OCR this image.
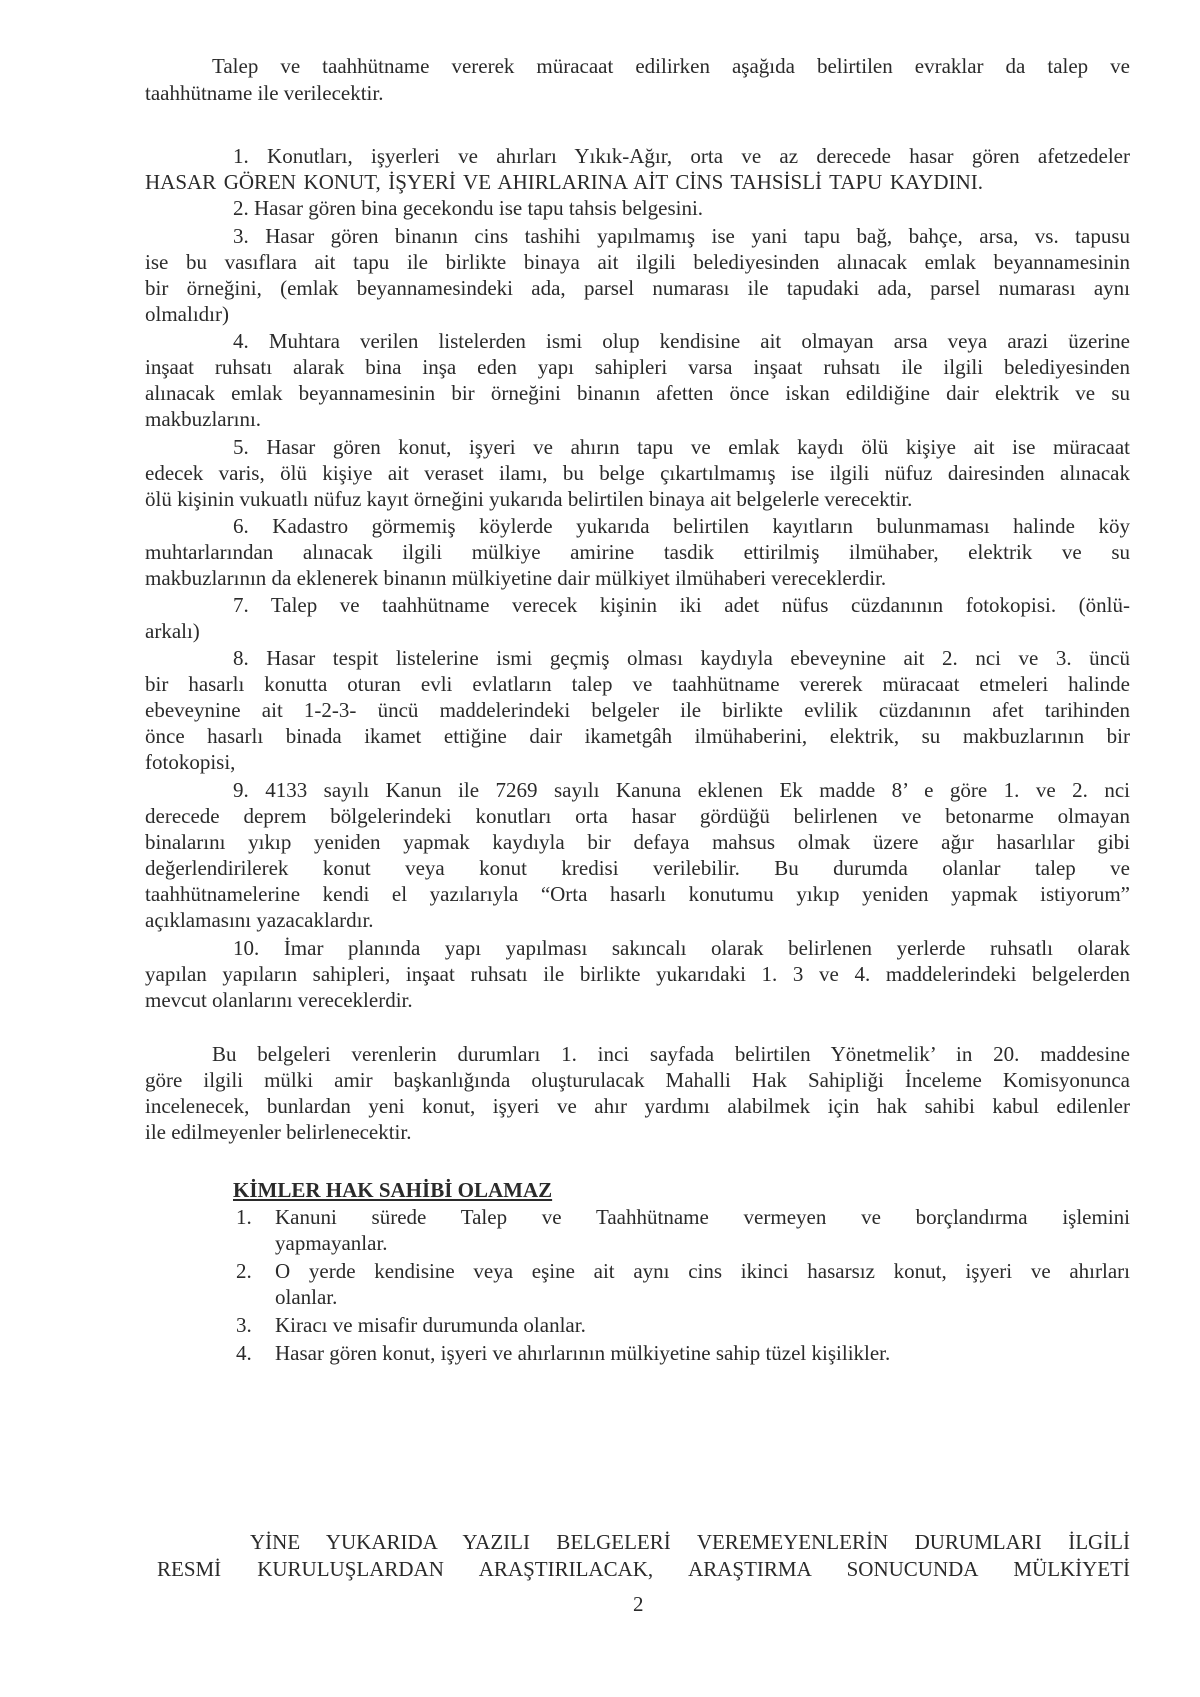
Talep ve taahhütname vererek müracaat edilirken aşağıda belirtilen evraklar da talep ve
taahhütname ile verilecektir.
1. Konutları, işyerleri ve ahırları Yıkık-Ağır, orta ve az derecede hasar gören afetzedeler
HASAR GÖREN KONUT, İŞYERİ VE AHIRLARINA AİT CİNS TAHSİSLİ TAPU KAYDINI.
2. Hasar gören bina gecekondu ise tapu tahsis belgesini.
3. Hasar gören binanın cins tashihi yapılmamış ise yani tapu bağ, bahçe, arsa, vs. tapusu
ise bu vasıflara ait tapu ile birlikte binaya ait ilgili belediyesinden alınacak emlak beyannamesinin
bir örneğini, (emlak beyannamesindeki ada, parsel numarası ile tapudaki ada, parsel numarası aynı
olmalıdır)
4. Muhtara verilen listelerden ismi olup kendisine ait olmayan arsa veya arazi üzerine
inşaat ruhsatı alarak bina inşa eden yapı sahipleri varsa inşaat ruhsatı ile ilgili belediyesinden
alınacak emlak beyannamesinin bir örneğini binanın afetten önce iskan edildiğine dair elektrik ve su
makbuzlarını.
5. Hasar gören konut, işyeri ve ahırın tapu ve emlak kaydı ölü kişiye ait ise müracaat
edecek varis, ölü kişiye ait veraset ilamı, bu belge çıkartılmamış ise ilgili nüfuz dairesinden alınacak
ölü kişinin vukuatlı nüfuz kayıt örneğini yukarıda belirtilen binaya ait belgelerle verecektir.
6. Kadastro görmemiş köylerde yukarıda belirtilen kayıtların bulunmaması halinde köy
muhtarlarından alınacak ilgili mülkiye amirine tasdik ettirilmiş ilmühaber, elektrik ve su
makbuzlarının da eklenerek binanın mülkiyetine dair mülkiyet ilmühaberi vereceklerdir.
7. Talep ve taahhütname verecek kişinin iki adet nüfus cüzdanının fotokopisi. (önlü-
arkalı)
8. Hasar tespit listelerine ismi geçmiş olması kaydıyla ebeveynine ait 2. nci ve 3. üncü
bir hasarlı konutta oturan evli evlatların talep ve taahhütname vererek müracaat etmeleri halinde
ebeveynine ait 1-2-3- üncü maddelerindeki belgeler ile birlikte evlilik cüzdanının afet tarihinden
önce hasarlı binada ikamet ettiğine dair ikametgâh ilmühaberini, elektrik, su makbuzlarının bir
fotokopisi,
9. 4133 sayılı Kanun ile 7269 sayılı Kanuna eklenen Ek madde 8’ e göre 1. ve 2. nci
derecede deprem bölgelerindeki konutları orta hasar gördüğü belirlenen ve betonarme olmayan
binalarını yıkıp yeniden yapmak kaydıyla bir defaya mahsus olmak üzere ağır hasarlılar gibi
değerlendirilerek konut veya konut kredisi verilebilir. Bu durumda olanlar talep ve
taahhütnamelerine kendi el yazılarıyla “Orta hasarlı konutumu yıkıp yeniden yapmak istiyorum”
açıklamasını yazacaklardır.
10. İmar planında yapı yapılması sakıncalı olarak belirlenen yerlerde ruhsatlı olarak
yapılan yapıların sahipleri, inşaat ruhsatı ile birlikte yukarıdaki 1. 3 ve 4. maddelerindeki belgelerden
mevcut olanlarını vereceklerdir.
Bu belgeleri verenlerin durumları 1. inci sayfada belirtilen Yönetmelik’ in 20. maddesine
göre ilgili mülki amir başkanlığında oluşturulacak Mahalli Hak Sahipliği İnceleme Komisyonunca
incelenecek, bunlardan yeni konut, işyeri ve ahır yardımı alabilmek için hak sahibi kabul edilenler
ile edilmeyenler belirlenecektir.
KİMLER HAK SAHİBİ OLAMAZ
1. Kanuni sürede Talep ve Taahhütname vermeyen ve borçlandırma işlemini
yapmayanlar.
2. O yerde kendisine veya eşine ait aynı cins ikinci hasarsız konut, işyeri ve ahırları
olanlar.
3. Kiracı ve misafir durumunda olanlar.
4. Hasar gören konut, işyeri ve ahırlarının mülkiyetine sahip tüzel kişilikler.
YİNE YUKARIDA YAZILI BELGELERİ VEREMEYENLERİN DURUMLARI İLGİLİ
RESMİ KURULUŞLARDAN ARAŞTIRILACAK, ARAŞTIRMA SONUCUNDA MÜLKİYETİ
2
